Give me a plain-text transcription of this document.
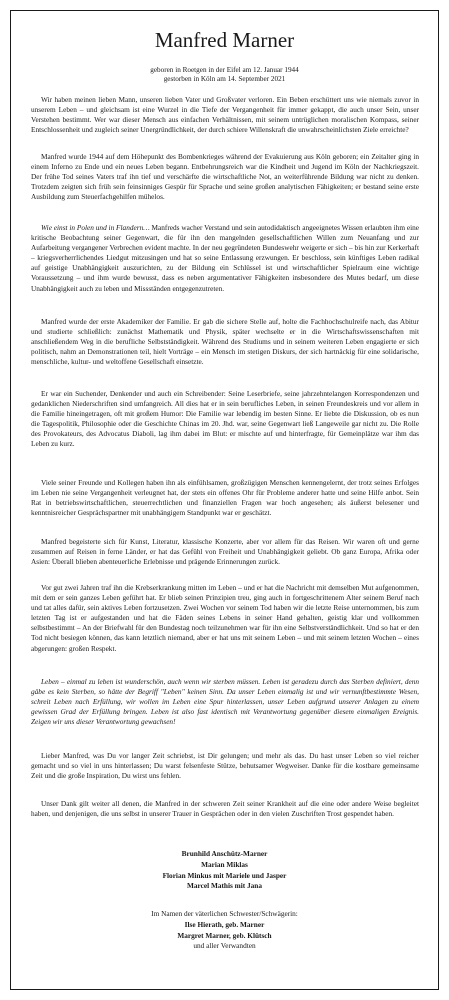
Manfred Marner
geboren in Roetgen in der Eifel am 12. Januar 1944
gestorben in Köln am 14. September 2021

Wir haben meinen lieben Mann, unseren lieben Vater und Großvater verloren. Ein Beben erschüttert uns wie niemals zuvor in unserem Leben – und gleichsam ist eine Wurzel in die Tiefe der Vergangenheit für immer gekappt, die auch unser Sein, unser Verstehen bestimmt. Wer war dieser Mensch aus einfachen Verhältnissen, mit seinem untrüglichen moralischen Kompass, seiner Entschlossenheit und zugleich seiner Unergründlichkeit, der durch schiere Willenskraft die unwahrscheinlichsten Ziele erreichte?

Manfred wurde 1944 auf dem Höhepunkt des Bombenkrieges während der Evakuierung aus Köln geboren; ein Zeitalter ging in einem Inferno zu Ende und ein neues Leben begann. Entbehrungsreich war die Kindheit und Jugend im Köln der Nachkriegszeit. Der frühe Tod seines Vaters traf ihn tief und verschärfte die wirtschaftliche Not, an weiterführende Bildung war nicht zu denken. Trotzdem zeigten sich früh sein feinsinniges Gespür für Sprache und seine großen analytischen Fähigkeiten; er bestand seine erste Ausbildung zum Steuerfachgehilfen mühelos.

Wie einst in Polen und in Flandern… Manfreds wacher Verstand und sein autodidaktisch angeeignetes Wissen erlaubten ihm eine kritische Beobachtung seiner Gegenwart, die für ihn den mangelnden gesellschaftlichen Willen zum Neuanfang und zur Aufarbeitung vergangener Verbrechen evident machte. In der neu gegründeten Bundeswehr weigerte er sich – bis hin zur Kerkerhaft – kriegsverherrlichendes Liedgut mitzusingen und hat so seine Entlassung erzwungen. Er beschloss, sein künftiges Leben radikal auf geistige Unabhängigkeit auszurichten, zu der Bildung ein Schlüssel ist und wirtschaftlicher Spielraum eine wichtige Voraussetzung – und ihm wurde bewusst, dass es neben argumentativer Fähigkeiten insbesondere des Mutes bedarf, um diese Unabhängigkeit auch zu leben und Missständen entgegenzutreten.

Manfred wurde der erste Akademiker der Familie. Er gab die sichere Stelle auf, holte die Fachhochschulreife nach, das Abitur und studierte schließlich: zunächst Mathematik und Physik, später wechselte er in die Wirtschaftswissenschaften mit anschließendem Weg in die berufliche Selbstständigkeit. Während des Studiums und in seinem weiteren Leben engagierte er sich politisch, nahm an Demonstrationen teil, hielt Vorträge – ein Mensch im stetigen Diskurs, der sich hartnäckig für eine solidarische, menschliche, kultur- und weltoffene Gesellschaft einsetzte.

Er war ein Suchender, Denkender und auch ein Schreibender: Seine Leserbriefe, seine jahrzehntelangen Korrespondenzen und gedanklichen Niederschriften sind umfangreich. All dies hat er in sein berufliches Leben, in seinen Freundeskreis und vor allem in die Familie hineingetragen, oft mit großem Humor: Die Familie war lebendig im besten Sinne. Er liebte die Diskussion, ob es nun die Tagespolitik, Philosophie oder die Geschichte Chinas im 20. Jhd. war, seine Gegenwart ließ Langeweile gar nicht zu. Die Rolle des Provokateurs, des Advocatus Diaboli, lag ihm dabei im Blut: er mischte auf und hinterfragte, für Gemeinplätze war ihm das Leben zu kurz.

Viele seiner Freunde und Kollegen haben ihn als einfühlsamen, großzügigen Menschen kennengelernt, der trotz seines Erfolges im Leben nie seine Vergangenheit verleugnet hat, der stets ein offenes Ohr für Probleme anderer hatte und seine Hilfe anbot. Sein Rat in betriebswirtschaftlichen, steuerrechtlichen und finanziellen Fragen war hoch angesehen; als äußerst belesener und kenntnisreicher Gesprächspartner mit unabhängigem Standpunkt war er geschätzt.

Manfred begeisterte sich für Kunst, Literatur, klassische Konzerte, aber vor allem für das Reisen. Wir waren oft und gerne zusammen auf Reisen in ferne Länder, er hat das Gefühl von Freiheit und Unabhängigkeit geliebt. Ob ganz Europa, Afrika oder Asien: Überall blieben abenteuerliche Erlebnisse und prägende Erinnerungen zurück.

Vor gut zwei Jahren traf ihn die Krebserkrankung mitten im Leben – und er hat die Nachricht mit demselben Mut aufgenommen, mit dem er sein ganzes Leben geführt hat. Er blieb seinen Prinzipien treu, ging auch in fortgeschrittenem Alter seinem Beruf nach und tat alles dafür, sein aktives Leben fortzusetzen. Zwei Wochen vor seinem Tod haben wir die letzte Reise unternommen, bis zum letzten Tag ist er aufgestanden und hat die Fäden seines Lebens in seiner Hand gehalten, geistig klar und vollkommen selbstbestimmt – An der Briefwahl für den Bundestag noch teilzunehmen war für ihn eine Selbstverständlichkeit. Und so hat er den Tod nicht besiegen können, das kann letztlich niemand, aber er hat uns mit seinem Leben – und mit seinem letzten Wochen – eines abgerungen: großen Respekt.

Leben – einmal zu leben ist wunderschön, auch wenn wir sterben müssen. Leben ist geradezu durch das Sterben definiert, denn gäbe es kein Sterben, so hätte der Begriff "Leben" keinen Sinn. Da unser Leben einmalig ist und wir vernunftbestimmte Wesen, schreit Leben nach Erfüllung, wir wollen im Leben eine Spur hinterlassen, unser Leben aufgrund unserer Anlagen zu einem gewissen Grad der Erfüllung bringen. Leben ist also fast identisch mit Verantwortung gegenüber diesem einmaligen Ereignis. Zeigen wir uns dieser Verantwortung gewachsen!

Lieber Manfred, was Du vor langer Zeit schriebst, ist Dir gelungen; und mehr als das. Du hast unser Leben so viel reicher gemacht und so viel in uns hinterlassen; Du warst felsenfeste Stütze, behutsamer Wegweiser. Danke für die kostbare gemeinsame Zeit und die große Inspiration, Du wirst uns fehlen.

Unser Dank gilt weiter all denen, die Manfred in der schweren Zeit seiner Krankheit auf die eine oder andere Weise begleitet haben, und denjenigen, die uns selbst in unserer Trauer in Gesprächen oder in den vielen Zuschriften Trost gespendet haben.

Brunhild Anschütz-Marner
Marian Miklas
Florian Minkus mit Mariele und Jasper
Marcel Mathis mit Jana
Im Namen der väterlichen Schwester/Schwägerin:
Ilse Hierath, geb. Marner
Margret Marner, geb. Klütsch
und aller Verwandten
